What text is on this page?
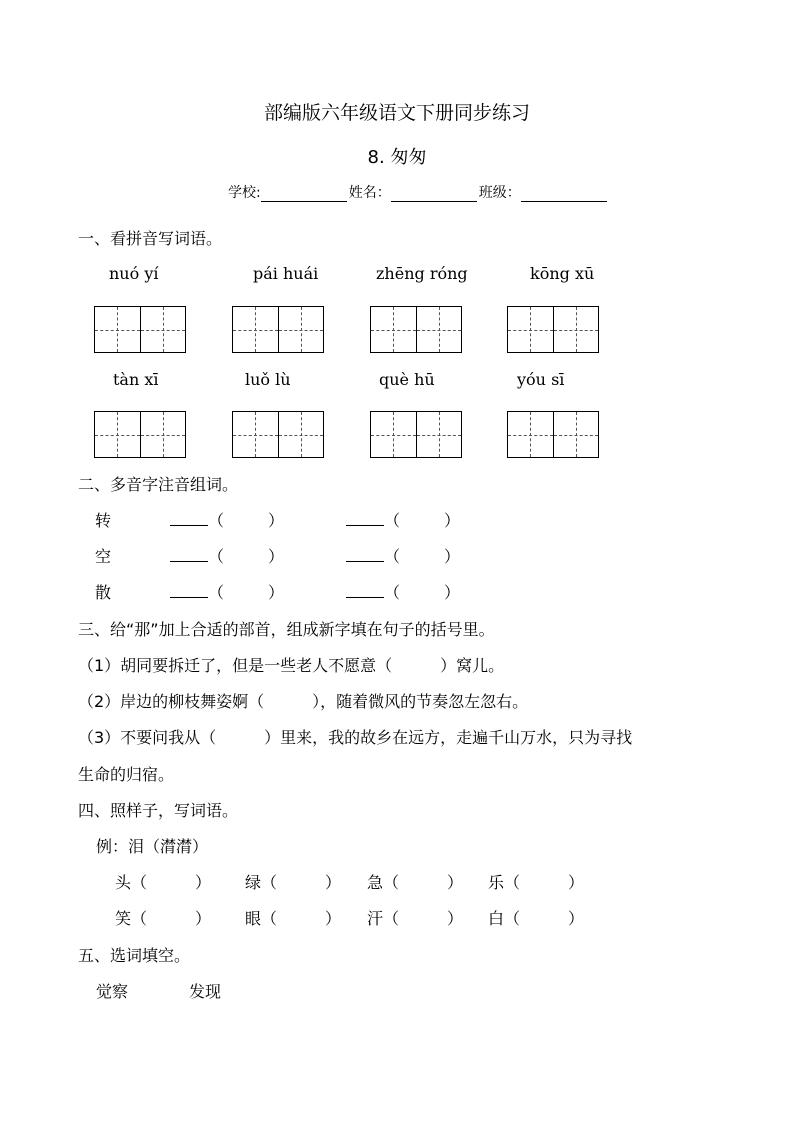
部编版六年级语文下册同步练习
8. 匆匆
学校:	姓名：	班级：
一、看拼音写词语。
nuó yí	pái huái	zhēng róng	kōng xū
tàn xī	luǒ lù	què hū	yóu sī
二、多音字注音组词。
转	（	）	（	）
空	（	）	（	）
散	（	）	（	）
三、给“那”加上合适的部首，组成新字填在句子的括号里。
（1）胡同要拆迁了，但是一些老人不愿意（　　　）窝儿。
（2）岸边的柳枝舞姿婀（　　　），随着微风的节奏忽左忽右。
（3）不要问我从（　　　）里来，我的故乡在远方，走遍千山万水，只为寻找
生命的归宿。
四、照样子，写词语。
例：泪（潸潸）
头（　　　） 绿（　　　） 急（　　　） 乐（　　　）
笑（　　　） 眼（　　　） 汗（　　　） 白（　　　）
五、选词填空。
觉察	发现
